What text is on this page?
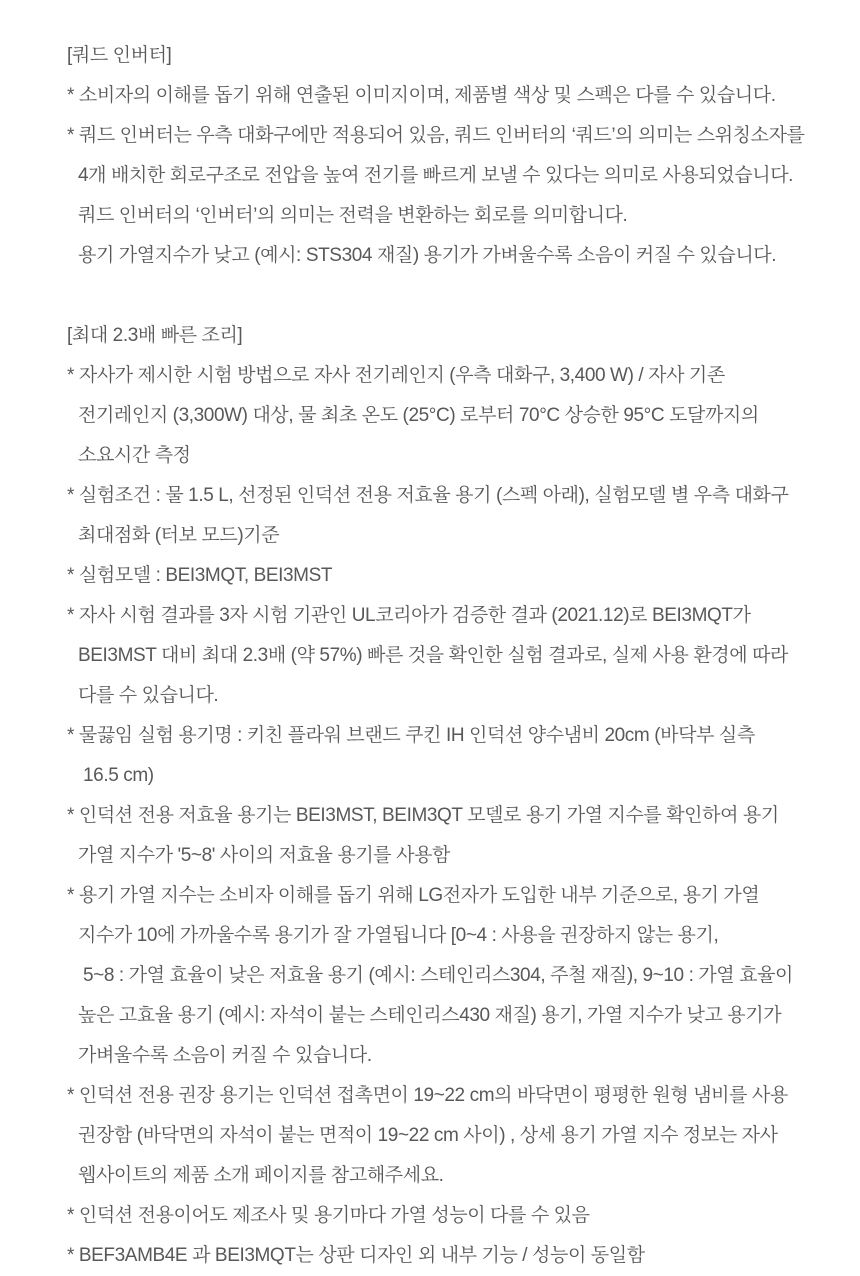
[쿼드 인버터]
* 소비자의 이해를 돕기 위해 연출된 이미지이며, 제품별 색상 및 스펙은 다를 수 있습니다.
* 쿼드 인버터는 우측 대화구에만 적용되어 있음, 쿼드 인버터의 ‘쿼드’의 의미는 스위칭소자를
4개 배치한 회로구조로 전압을 높여 전기를 빠르게 보낼 수 있다는 의미로 사용되었습니다.
쿼드 인버터의 ‘인버터’의 의미는 전력을 변환하는 회로를 의미합니다.
용기 가열지수가 낮고 (예시: STS304 재질) 용기가 가벼울수록 소음이 커질 수 있습니다.
[최대 2.3배 빠른 조리]
* 자사가 제시한 시험 방법으로 자사 전기레인지 (우측 대화구, 3,400 W) / 자사 기존
전기레인지 (3,300W) 대상, 물 최초 온도 (25°C) 로부터 70°C 상승한 95°C 도달까지의
소요시간 측정
* 실험조건 : 물 1.5 L, 선정된 인덕션 전용 저효율 용기 (스펙 아래), 실험모델 별 우측 대화구
최대점화 (터보 모드)기준
* 실험모델 : BEI3MQT, BEI3MST
* 자사 시험 결과를 3자 시험 기관인 UL코리아가 검증한 결과 (2021.12)로 BEI3MQT가
BEI3MST 대비 최대 2.3배 (약 57%) 빠른 것을 확인한 실험 결과로, 실제 사용 환경에 따라
다를 수 있습니다.
* 물끓임 실험 용기명 : 키친 플라워 브랜드 쿠킨 IH 인덕션 양수냄비 20cm (바닥부 실측
16.5 cm)
* 인덕션 전용 저효율 용기는 BEI3MST, BEIM3QT 모델로 용기 가열 지수를 확인하여 용기
가열 지수가 '5~8' 사이의 저효율 용기를 사용함
* 용기 가열 지수는 소비자 이해를 돕기 위해 LG전자가 도입한 내부 기준으로, 용기 가열
지수가 10에 가까울수록 용기가 잘 가열됩니다 [0~4 : 사용을 권장하지 않는 용기,
5~8 : 가열 효율이 낮은 저효율 용기 (예시: 스테인리스304, 주철 재질), 9~10 : 가열 효율이
높은 고효율 용기 (예시: 자석이 붙는 스테인리스430 재질) 용기, 가열 지수가 낮고 용기가
가벼울수록 소음이 커질 수 있습니다.
* 인덕션 전용 권장 용기는 인덕션 접촉면이 19~22 cm의 바닥면이 평평한 원형 냄비를 사용
권장함 (바닥면의 자석이 붙는 면적이 19~22 cm 사이) , 상세 용기 가열 지수 정보는 자사
웹사이트의 제품 소개 페이지를 참고해주세요.
* 인덕션 전용이어도 제조사 및 용기마다 가열 성능이 다를 수 있음
* BEF3AMB4E 과 BEI3MQT는 상판 디자인 외 내부 기능 / 성능이 동일함
